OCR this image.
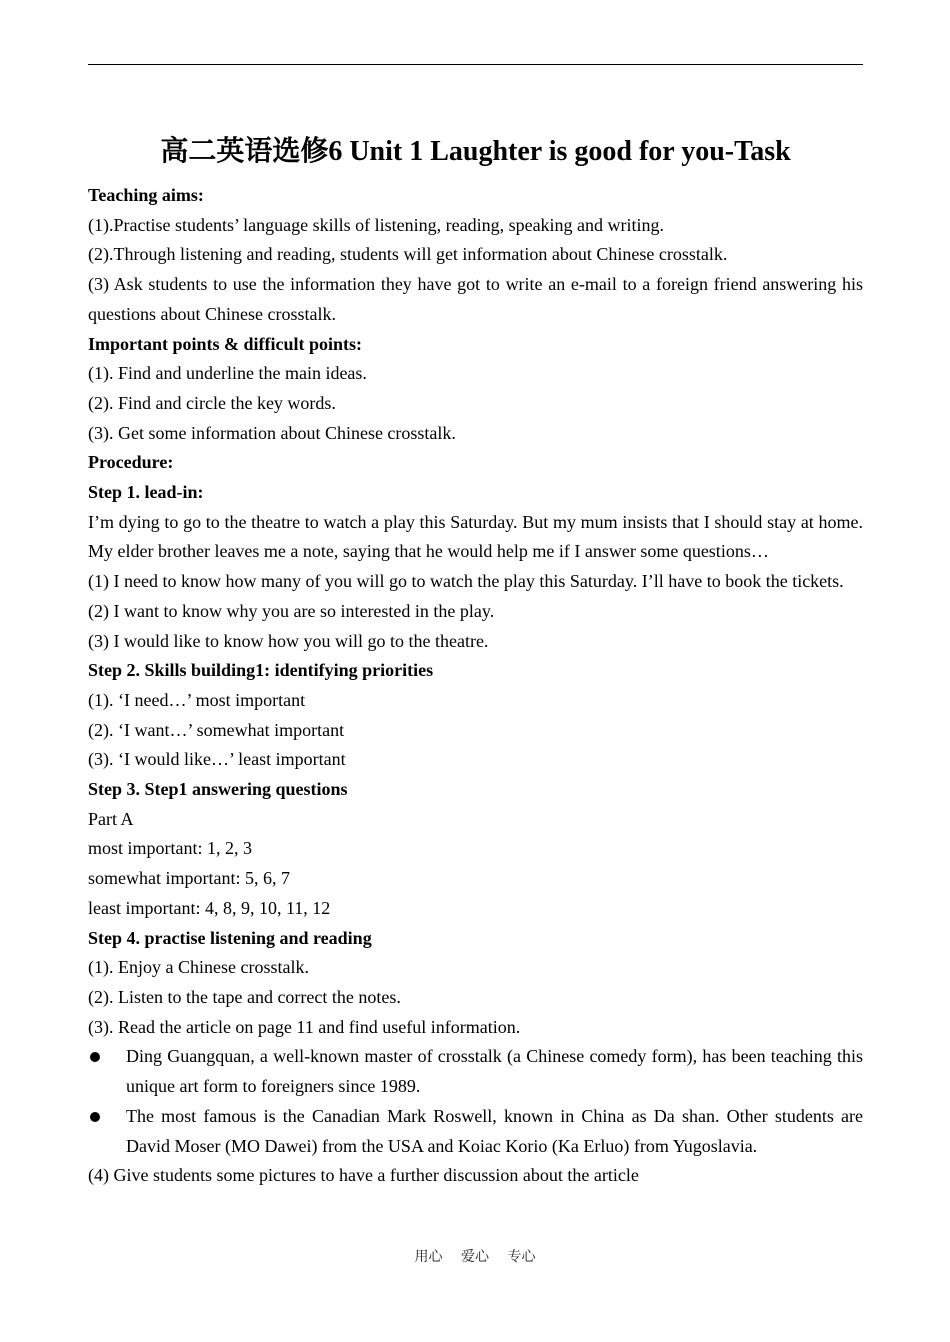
高二英语选修6 Unit 1 Laughter is good for you-Task

Teaching aims:

(1).Practise students’ language skills of listening, reading, speaking and writing.

(2).Through listening and reading, students will get information about Chinese crosstalk.

(3) Ask students to use the information they have got to write an e-mail to a foreign friend answering his questions about Chinese crosstalk.

Important points & difficult points:

(1). Find and underline the main ideas.

(2). Find and circle the key words.

(3). Get some information about Chinese crosstalk.

Procedure:

Step 1. lead-in:

I’m dying to go to the theatre to watch a play this Saturday. But my mum insists that I should stay at home. My elder brother leaves me a note, saying that he would help me if I answer some questions…

(1) I need to know how many of you will go to watch the play this Saturday. I’ll have to book the tickets.

(2) I want to know why you are so interested in the play.

(3) I would like to know how you will go to the theatre.

Step 2. Skills building1: identifying priorities

(1). ‘I need…’ most important

(2). ‘I want…’ somewhat important

(3). ‘I would like…’ least important

Step 3. Step1 answering questions

Part A

most important: 1, 2, 3

somewhat important: 5, 6, 7

least important: 4, 8, 9, 10, 11, 12

Step 4. practise listening and reading

(1). Enjoy a Chinese crosstalk.

(2). Listen to the tape and correct the notes.

(3). Read the article on page 11 and find useful information.

Ding Guangquan, a well-known master of crosstalk (a Chinese comedy form), has been teaching this unique art form to foreigners since 1989.
The most famous is the Canadian Mark Roswell, known in China as Da shan. Other students are David Moser (MO Dawei) from the USA and Koiac Korio (Ka Erluo) from Yugoslavia.

(4) Give students some pictures to have a further discussion about the article

用心 爱心 专心
